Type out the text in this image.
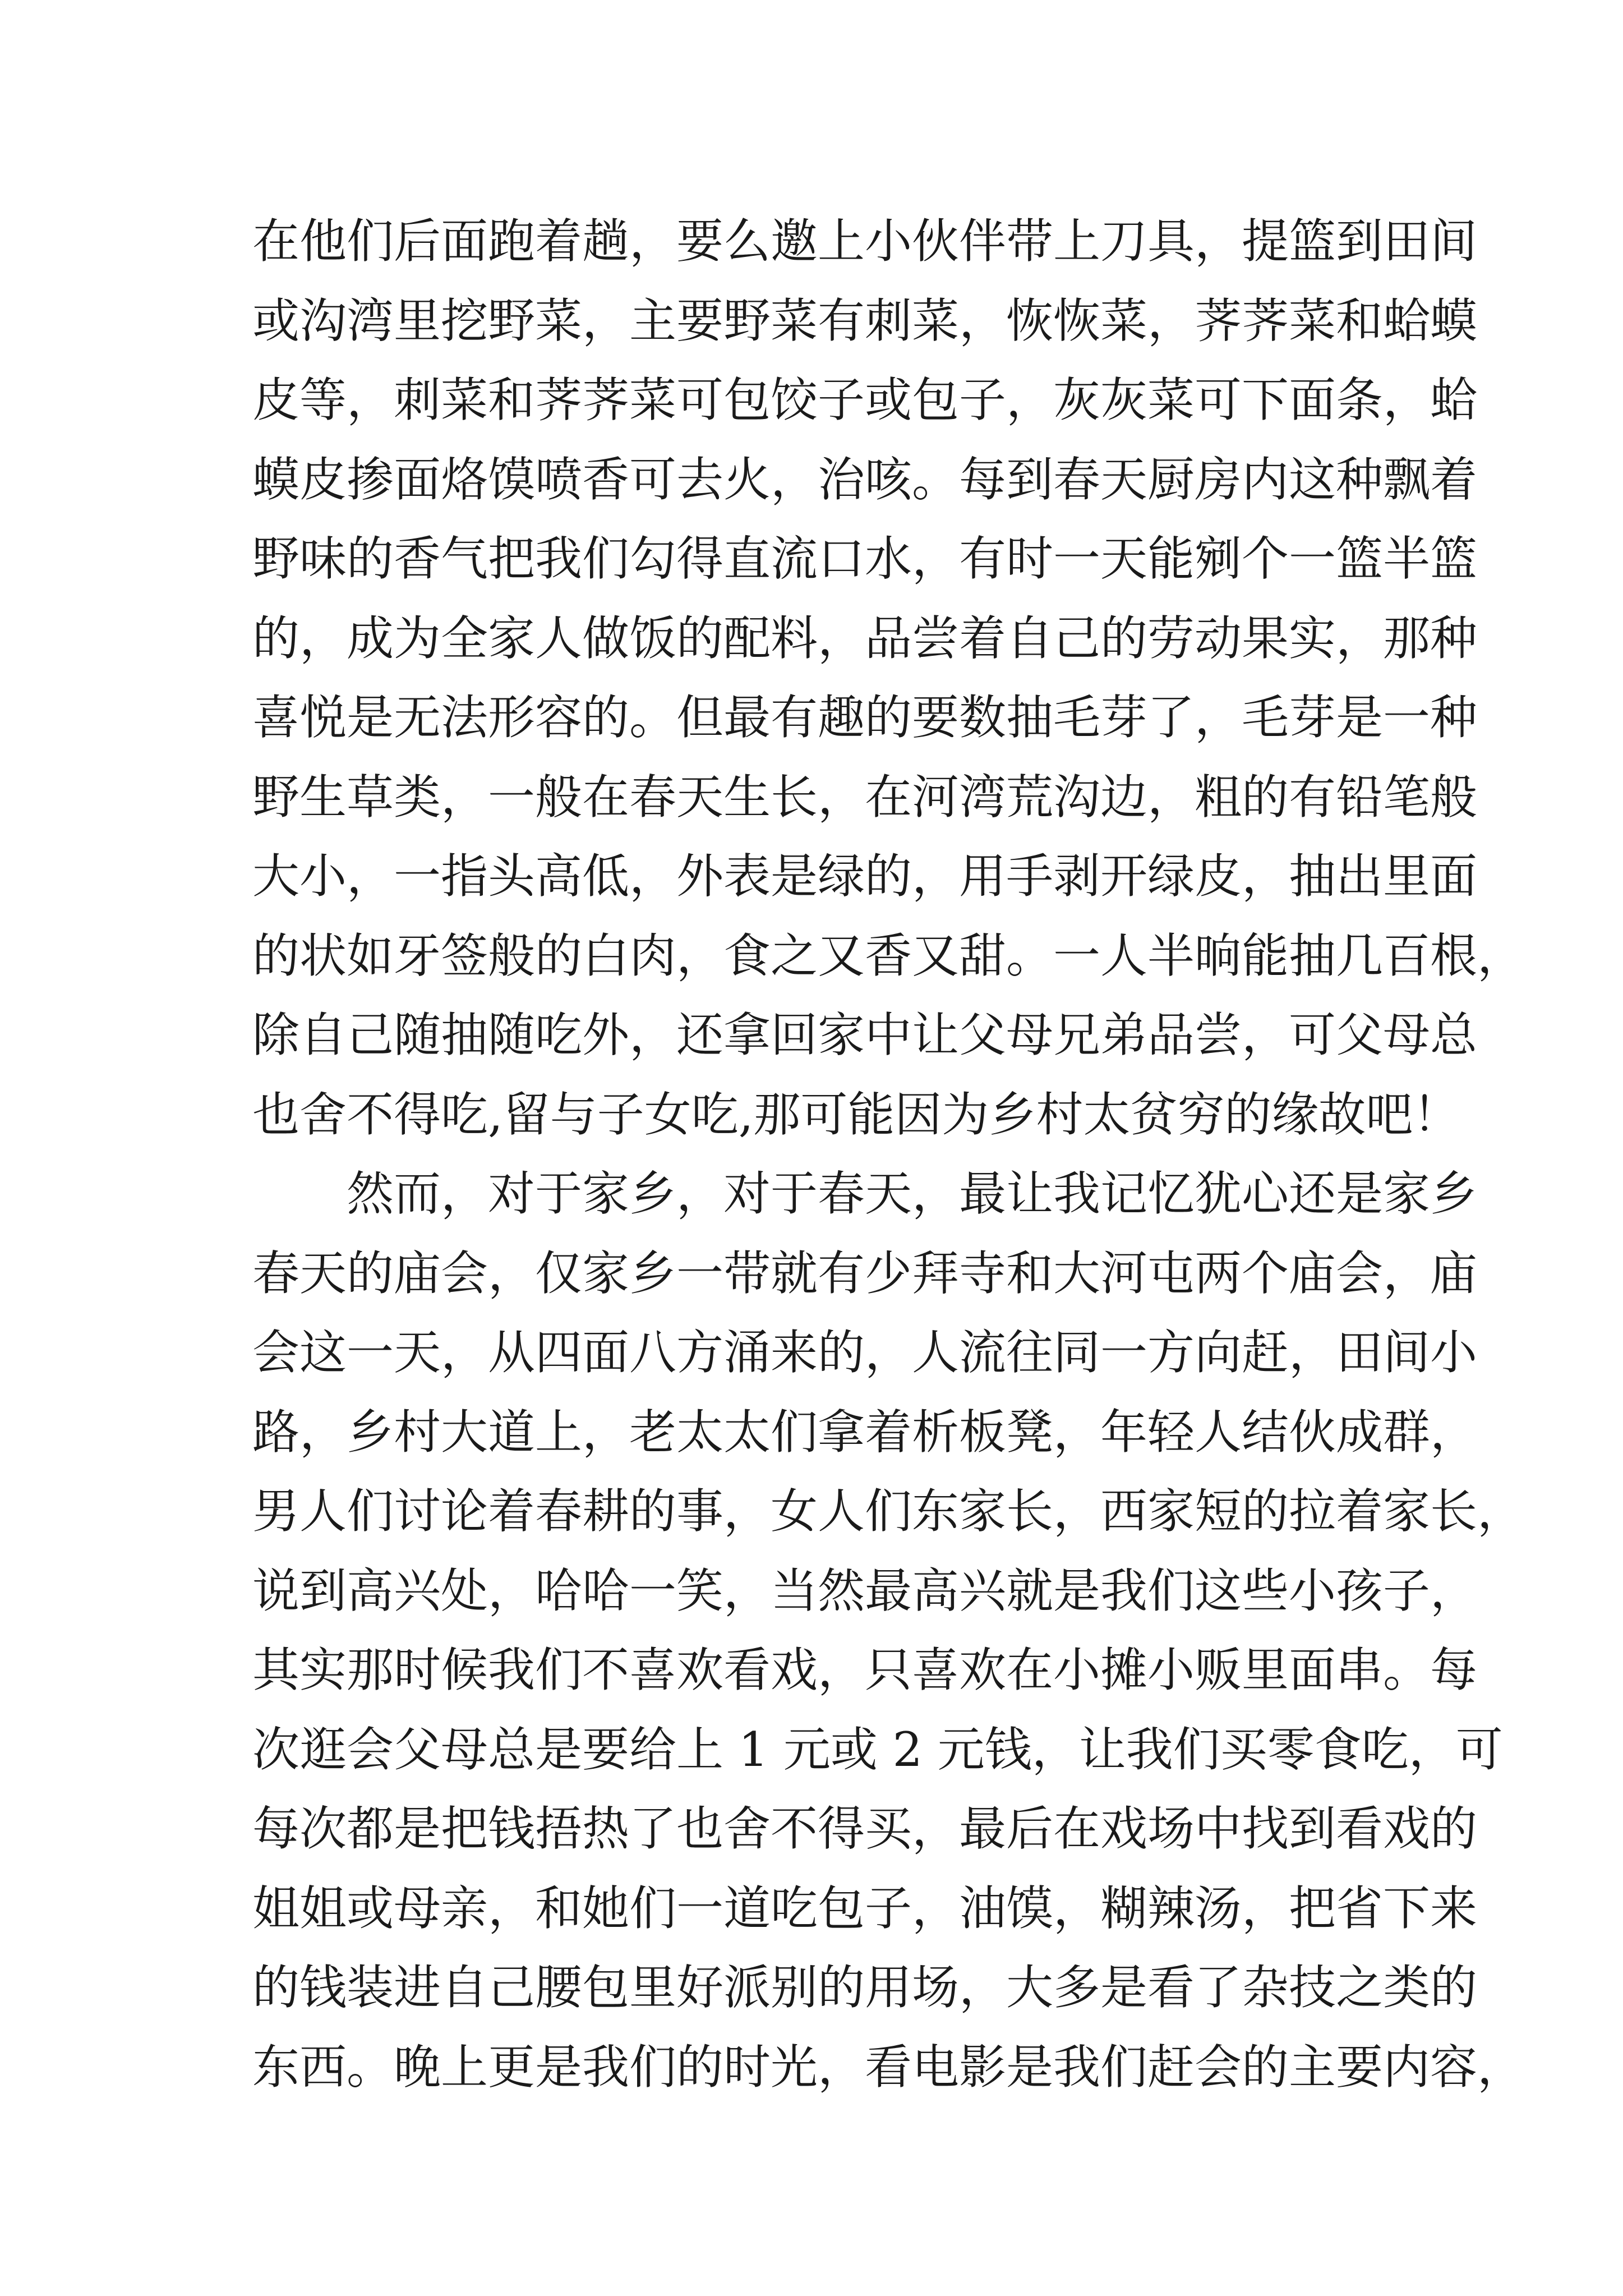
在他们后面跑着趟，要么邀上小伙伴带上刀具，提篮到田间
或沟湾里挖野菜，主要野菜有刺菜，恢恢菜，荠荠菜和蛤蟆
皮等，刺菜和荠荠菜可包饺子或包子，灰灰菜可下面条，蛤
蟆皮掺面烙馍喷香可去火，治咳。每到春天厨房内这种飘着
野味的香气把我们勾得直流口水，有时一天能剜个一篮半篮
的，成为全家人做饭的配料，品尝着自己的劳动果实，那种
喜悦是无法形容的。但最有趣的要数抽毛芽了，毛芽是一种
野生草类，一般在春天生长，在河湾荒沟边，粗的有铅笔般
大小，一指头高低，外表是绿的，用手剥开绿皮，抽出里面
的状如牙签般的白肉，食之又香又甜。一人半晌能抽几百根，
除自己随抽随吃外，还拿回家中让父母兄弟品尝，可父母总
也舍不得吃,留与子女吃,那可能因为乡村太贫穷的缘故吧！
然而，对于家乡，对于春天，最让我记忆犹心还是家乡
春天的庙会，仅家乡一带就有少拜寺和大河屯两个庙会，庙
会这一天，从四面八方涌来的，人流往同一方向赶，田间小
路，乡村大道上，老太太们拿着析板凳，年轻人结伙成群，
男人们讨论着春耕的事，女人们东家长，西家短的拉着家长，
说到高兴处，哈哈一笑，当然最高兴就是我们这些小孩子，
其实那时候我们不喜欢看戏，只喜欢在小摊小贩里面串。每
次逛会父母总是要给上 1 元或 2 元钱，让我们买零食吃，可
每次都是把钱捂热了也舍不得买，最后在戏场中找到看戏的
姐姐或母亲，和她们一道吃包子，油馍，糊辣汤，把省下来
的钱装进自己腰包里好派别的用场，大多是看了杂技之类的
东西。晚上更是我们的时光，看电影是我们赶会的主要内容，
